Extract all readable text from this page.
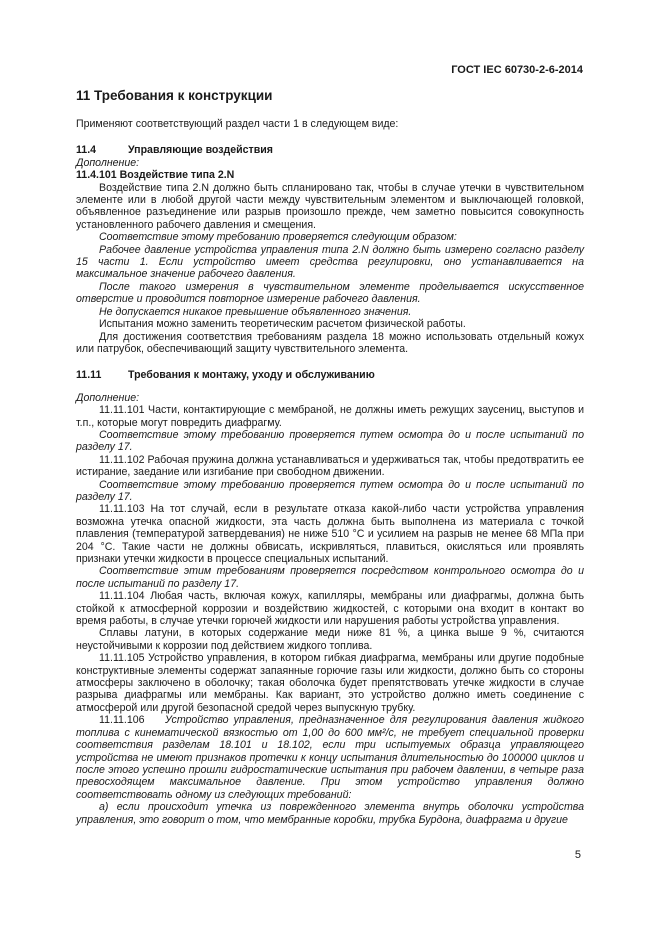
ГОСТ IEC 60730-2-6-2014
11 Требования к конструкции

Применяют соответствующий раздел части 1 в следующем виде:

11.4	Управляющие воздействия

Дополнение:

11.4.101 Воздействие типа 2.N

Воздействие типа 2.N должно быть спланировано так, чтобы в случае утечки в чувствительном элементе или в любой другой части между чувствительным элементом и выключающей головкой, объявленное разъединение или разрыв произошло прежде, чем заметно повысится совокупность установленного рабочего давления и смещения.

Соответствие этому требованию проверяется следующим образом:

Рабочее давление устройства управления типа 2.N должно быть измерено согласно разделу 15 части 1. Если устройство имеет средства регулировки, оно устанавливается на максимальное значение рабочего давления.

После такого измерения в чувствительном элементе проделывается искусственное отверстие и проводится повторное измерение рабочего давления.

Не допускается никакое превышение объявленного значения.

Испытания можно заменить теоретическим расчетом физической работы.

Для достижения соответствия требованиям раздела 18 можно использовать отдельный кожух или патрубок, обеспечивающий защиту чувствительного элемента.

11.11	Требования к монтажу, уходу и обслуживанию

Дополнение:

11.11.101 Части, контактирующие с мембраной, не должны иметь режущих заусениц, выступов и т.п., которые могут повредить диафрагму.

Соответствие этому требованию проверяется путем осмотра до и после испытаний по разделу 17.

11.11.102 Рабочая пружина должна устанавливаться и удерживаться так, чтобы предотвратить ее истирание, заедание или изгибание при свободном движении.

Соответствие этому требованию проверяется путем осмотра до и после испытаний по разделу 17.

11.11.103 На тот случай, если в результате отказа какой-либо части устройства управления возможна утечка опасной жидкости, эта часть должна быть выполнена из материала с точкой плавления (температурой затвердевания) не ниже 510 °C и усилием на разрыв не менее 68 МПа при 204 °C. Такие части не должны обвисать, искривляться, плавиться, окисляться или проявлять признаки утечки жидкости в процессе специальных испытаний.

Соответствие этим требованиям проверяется посредством контрольного осмотра до и после испытаний по разделу 17.

11.11.104 Любая часть, включая кожух, капилляры, мембраны или диафрагмы, должна быть стойкой к атмосферной коррозии и воздействию жидкостей, с которыми она входит в контакт во время работы, в случае утечки горючей жидкости или нарушения работы устройства управления.

Сплавы латуни, в которых содержание меди ниже 81 %, а цинка выше 9 %, считаются неустойчивыми к коррозии под действием жидкого топлива.

11.11.105 Устройство управления, в котором гибкая диафрагма, мембраны или другие подобные конструктивные элементы содержат запаянные горючие газы или жидкости, должно быть со стороны атмосферы заключено в оболочку; такая оболочка будет препятствовать утечке жидкости в случае разрыва диафрагмы или мембраны. Как вариант, это устройство должно иметь соединение с атмосферой или другой безопасной средой через выпускную трубку.

11.11.106 Устройство управления, предназначенное для регулирования давления жидкого топлива с кинематической вязкостью от 1,00 до 600 мм²/с, не требует специальной проверки соответствия разделам 18.101 и 18.102, если три испытуемых образца управляющего устройства не имеют признаков протечки к концу испытания длительностью до 100000 циклов и после этого успешно прошли гидростатические испытания при рабочем давлении, в четыре раза превосходящем максимальное давление. При этом устройство управления должно соответствовать одному из следующих требований:

а) если происходит утечка из поврежденного элемента внутрь оболочки устройства управления, это говорит о том, что мембранные коробки, трубка Бурдона, диафрагма и другие

5
